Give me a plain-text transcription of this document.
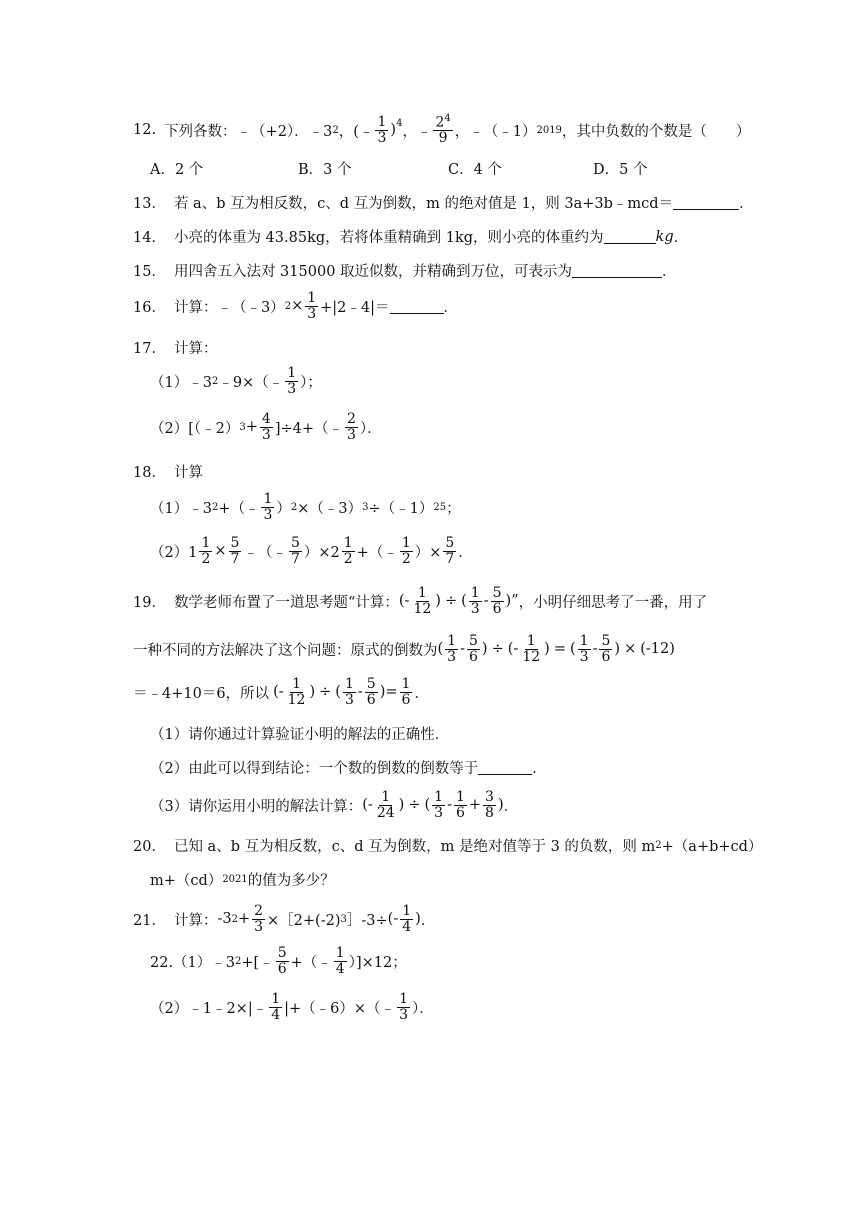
12. 下列各数：﹣（+2）．﹣3 2 ， (﹣ $\frac{1}{3} )^4$
， ﹣ $\frac{2^4}{9}$ ，﹣（﹣1） 2019 ，其中负数的个数是（　　）
A．2 个	B．3 个	C．4 个	D．5 个
13． 若 a、b 互为相反数，c、d 互为倒数，m 的绝对值是 1，则 3a+3b﹣mcd＝	．
14． 小亮的体重为 43.85kg，若将体重精确到 1kg，则小亮的体重约为	kg ．
15． 用四舍五入法对 315000 取近似数，并精确到万位，可表示为	．
16． 计算：﹣（﹣3） $2 \times \frac{1}{3}$ +|2﹣4|＝	．
17． 计算：
（1）﹣3 2 ﹣9×（﹣ $\frac{1}{3}$ ）；
（2）[（﹣2） $3 + \frac{4}{3}$ ]÷4+（﹣ $\frac{2}{3}$ ）．
18． 计算
（1）﹣3 2 +（﹣ $\frac{1}{3}$ ） 2 ×（﹣3） 3 ÷（﹣1） 25 ；
$(2)1 \frac{1}{2} \times \frac{5}{7}$ ﹣（﹣ $\frac{5}{7} )\times 2 \frac{1}{2}$ +（﹣ $\frac{1}{2}$ ）× $\frac{5}{7}$ ．
19． 数学老师布置了一道思考题“计算： ( - $\frac{1}{12}$ ) ÷ ( $\frac{1}{3} - \frac{5}{6}$ ) ” ，小明仔细思考了一番，用了
一种不同的方法解决了这个问题：原式的倒数为 ( $\frac{1}{3} - \frac{5}{6}$ ) ÷ ( - $\frac{1}{12}$ ) = ( $\frac{1}{3} - \frac{5}{6}$ ) × (-12)
＝﹣4+10＝6，所以 ( - $\frac{1}{12}$ ) ÷ ( $\frac{1}{3} - \frac{5}{6}$ ) = $\frac{1}{6}$ ．
（1）请你通过计算验证小明的解法的正确性．
（2）由此可以得到结论：一个数的倒数的倒数等于	．
（3）请你运用小明的解法计算： ( - $\frac{1}{24}$ ) ÷ ( $\frac{1}{3} - \frac{1}{6} + \frac{3}{8}$ ) ．
20． 已知 a、b 互为相反数，c、d 互为倒数，m 是绝对值等于 3 的负数，则 m 2 +（a+b+cd）
m+（cd） 2021 的值为多少？
21． 计算： -3 $2 + \frac{2}{3}$ ×［2+(-2) 3 ］-3÷ (- $\frac{1}{4}$ ) ．
22.（1）﹣3 2 +[﹣ $\frac{5}{6}$ +（﹣ $\frac{1}{4} )]\times 12$；
（2）﹣1﹣2×|﹣ $\frac{1}{4}$ |+（﹣6）×（﹣ $\frac{1}{3}$ ）．
